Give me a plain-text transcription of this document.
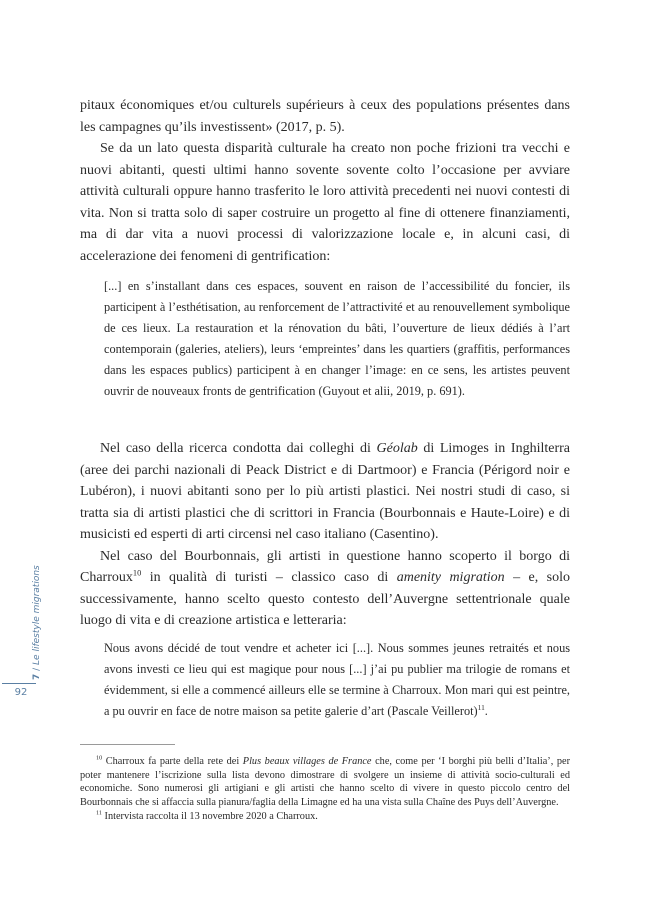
pitaux économiques et/ou culturels supérieurs à ceux des populations présentes dans les campagnes qu’ils investissent» (2017, p. 5).
Se da un lato questa disparità culturale ha creato non poche frizioni tra vecchi e nuovi abitanti, questi ultimi hanno sovente sovente colto l’occasione per avviare attività culturali oppure hanno trasferito le loro attività precedenti nei nuovi contesti di vita. Non si tratta solo di saper costruire un progetto al fine di ottenere finanziamenti, ma di dar vita a nuovi processi di valorizzazione locale e, in alcuni casi, di accelerazione dei fenomeni di gentrification:

[...] en s’installant dans ces espaces, souvent en raison de l’accessibilité du foncier, ils participent à l’esthétisation, au renforcement de l’attractivité et au renouvellement symbolique de ces lieux. La restauration et la rénovation du bâti, l’ouverture de lieux dédiés à l’art contemporain (galeries, ateliers), leurs ‘empreintes’ dans les quartiers (graffitis, performances dans les espaces publics) participent à en changer l’image: en ce sens, les artistes peuvent ouvrir de nouveaux fronts de gentrification (Guyout et alii, 2019, p. 691).

Nel caso della ricerca condotta dai colleghi di Géolab di Limoges in Inghilterra (aree dei parchi nazionali di Peack District e di Dartmoor) e Francia (Périgord noir e Lubéron), i nuovi abitanti sono per lo più artisti plastici. Nei nostri studi di caso, si tratta sia di artisti plastici che di scrittori in Francia (Bourbonnais e Haute-Loire) e di musicisti ed esperti di arti circensi nel caso italiano (Casentino).
Nel caso del Bourbonnais, gli artisti in questione hanno scoperto il borgo di Charroux$^{10}$ in qualità di turisti – classico caso di amenity migration – e, solo successivamente, hanno scelto questo contesto dell’Auvergne settentrionale quale luogo di vita e di creazione artistica e letteraria:

Nous avons décidé de tout vendre et acheter ici [...]. Nous sommes jeunes retraités et nous avons investi ce lieu qui est magique pour nous [...] j’ai pu publier ma trilogie de romans et évidemment, si elle a commencé ailleurs elle se termine à Charroux. Mon mari qui est peintre, a pu ouvrir en face de notre maison sa petite galerie d’art (Pascale Veillerot)$^{11}$.

$^{10}$ Charroux fa parte della rete dei Plus beaux villages de France che, come per ‘I borghi più belli d’Italia’, per poter mantenere l’iscrizione sulla lista devono dimostrare di svolgere un insieme di attività socio-culturali ed economiche. Sono numerosi gli artigiani e gli artisti che hanno scelto di vivere in questo piccolo centro del Bourbonnais che si affaccia sulla pianura/faglia della Limagne ed ha una vista sulla Chaîne des Puys dell’Auvergne.

$^{11}$ Intervista raccolta il 13 novembre 2020 a Charroux.

7 / Le lifestyle migrations
92
